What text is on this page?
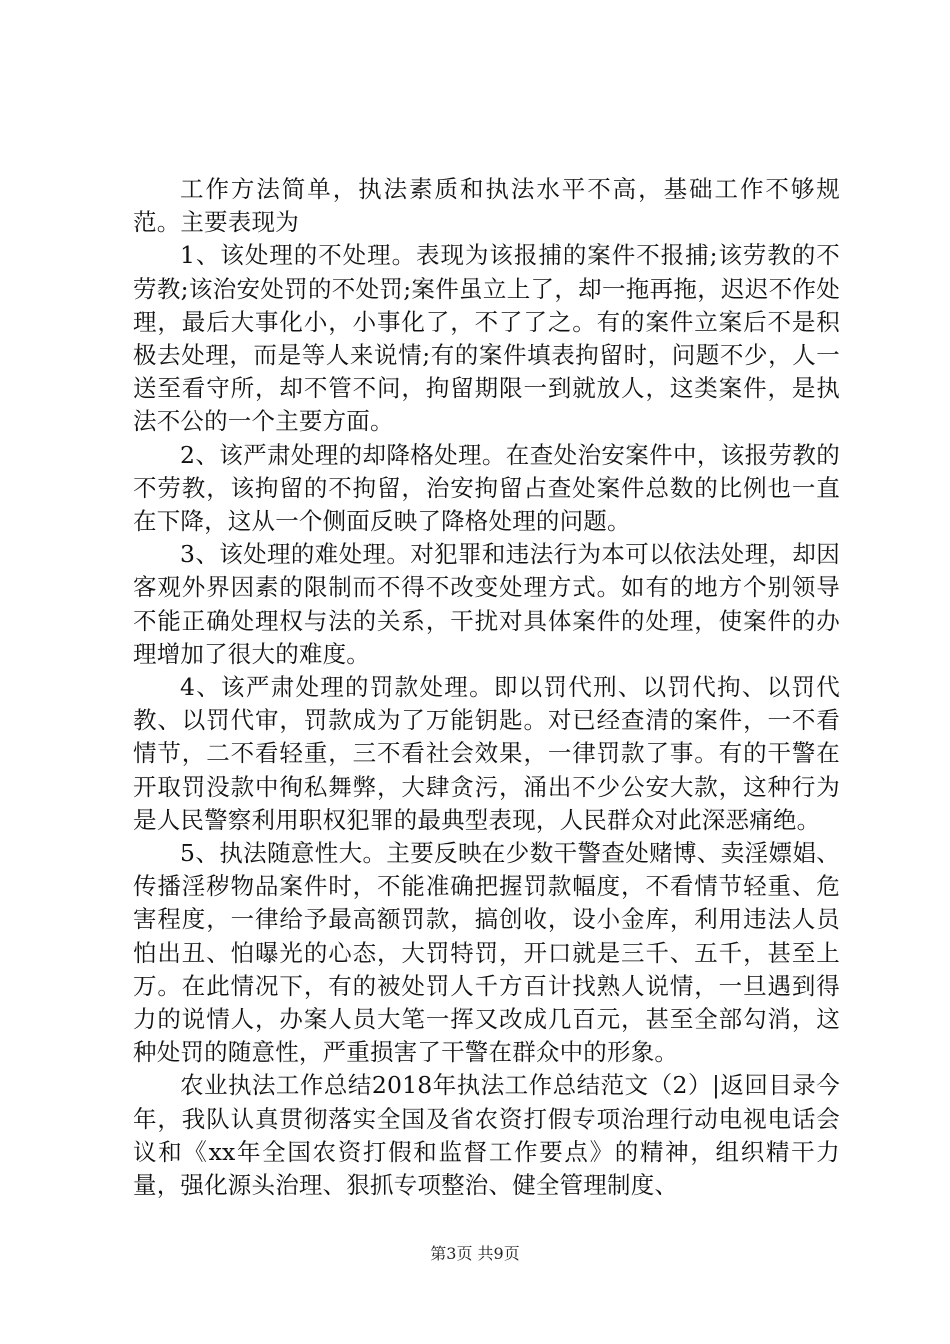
工作方法简单，执法素质和执法水平不高，基础工作不够规范。主要表现为

1、该处理的不处理。表现为该报捕的案件不报捕;该劳教的不劳教;该治安处罚的不处罚;案件虽立上了，却一拖再拖，迟迟不作处理，最后大事化小，小事化了，不了了之。有的案件立案后不是积极去处理，而是等人来说情;有的案件填表拘留时，问题不少，人一送至看守所，却不管不问，拘留期限一到就放人，这类案件，是执法不公的一个主要方面。

2、该严肃处理的却降格处理。在查处治安案件中，该报劳教的不劳教，该拘留的不拘留，治安拘留占查处案件总数的比例也一直在下降，这从一个侧面反映了降格处理的问题。

3、该处理的难处理。对犯罪和违法行为本可以依法处理，却因客观外界因素的限制而不得不改变处理方式。如有的地方个别领导不能正确处理权与法的关系，干扰对具体案件的处理，使案件的办理增加了很大的难度。

4、该严肃处理的罚款处理。即以罚代刑、以罚代拘、以罚代教、以罚代审，罚款成为了万能钥匙。对已经查清的案件，一不看情节，二不看轻重，三不看社会效果，一律罚款了事。有的干警在开取罚没款中徇私舞弊，大肆贪污，涌出不少公安大款，这种行为是人民警察利用职权犯罪的最典型表现，人民群众对此深恶痛绝。

5、执法随意性大。主要反映在少数干警查处赌博、卖淫嫖娼、传播淫秽物品案件时，不能准确把握罚款幅度，不看情节轻重、危害程度，一律给予最高额罚款，搞创收，设小金库，利用违法人员怕出丑、怕曝光的心态，大罚特罚，开口就是三千、五千，甚至上万。在此情况下，有的被处罚人千方百计找熟人说情，一旦遇到得力的说情人，办案人员大笔一挥又改成几百元，甚至全部勾消，这种处罚的随意性，严重损害了干警在群众中的形象。

农业执法工作总结2018年执法工作总结范文（2）|返回目录今年，我队认真贯彻落实全国及省农资打假专项治理行动电视电话会议和《xx年全国农资打假和监督工作要点》的精神，组织精干力量，强化源头治理、狠抓专项整治、健全管理制度、

第3页 共9页
